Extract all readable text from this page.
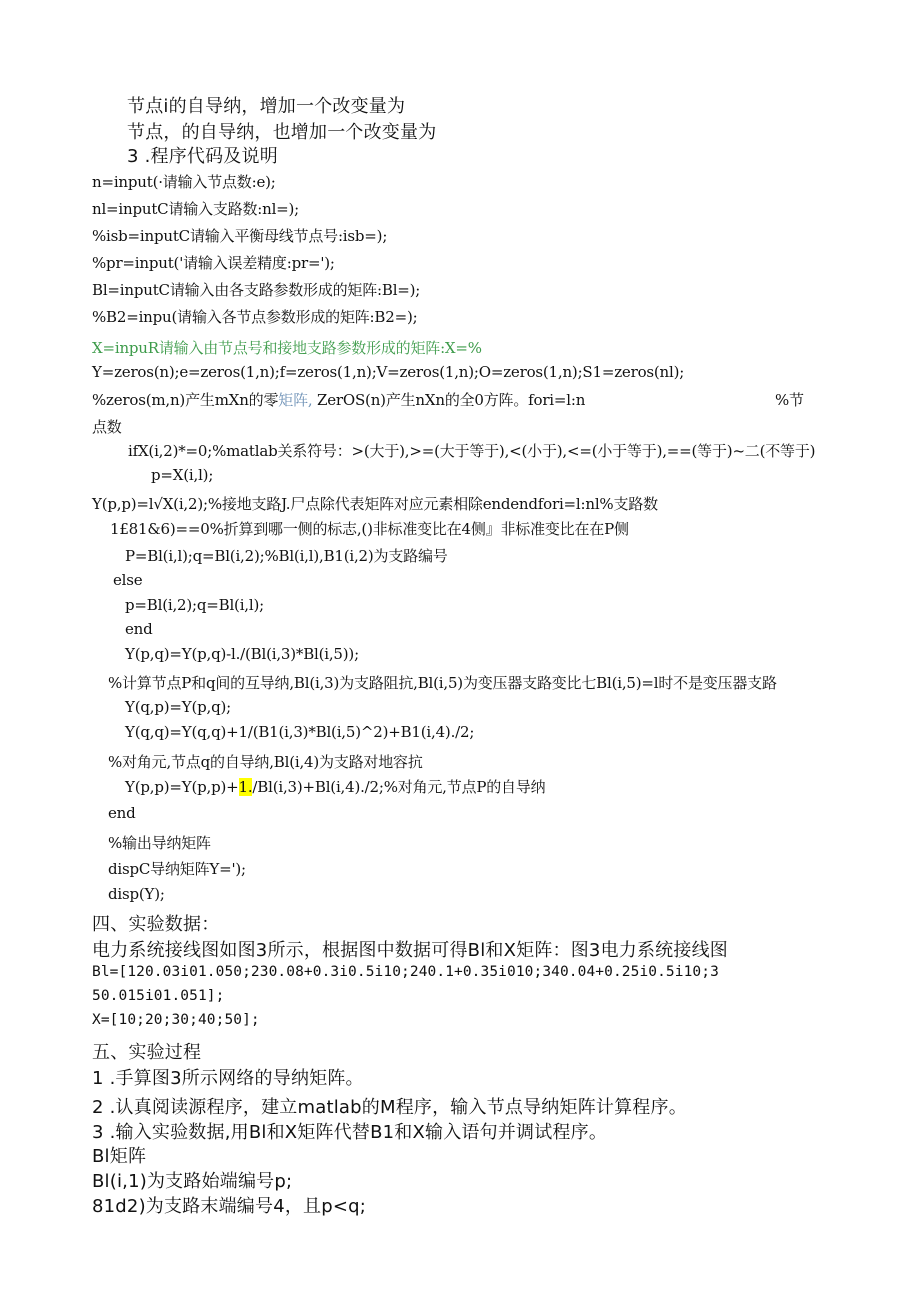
节点i的自导纳，增加一个改变量为

节点，的自导纳，也增加一个改变量为

3 .程序代码及说明

n=input(·请输入节点数:e);

nl=inputC请输入支路数:nl=);

%isb=inputC请输入平衡母线节点号:isb=);

%pr=input('请输入误差精度:pr=');

Bl=inputC请输入由各支路参数形成的矩阵:Bl=);

%B2=inpu(请输入各节点参数形成的矩阵:B2=);

X=inpuR请输入由节点号和接地支路参数形成的矩阵:X=%

Y=zeros(n);e=zeros(1,n);f=zeros(1,n);V=zeros(1,n);O=zeros(1,n);S1=zeros(nl);

%zeros(m,n)产生mXn的零矩阵, ZerOS(n)产生nXn的全0方阵。fori=l:n	%节

点数

ifX(i,2)*=0;%matlab关系符号：>(大于),>=(大于等于),<(小于),<=(小于等于),==(等于)~二(不等于)

p=X(i,l);

Y(p,p)=l√X(i,2);%接地支路J.尸点除代表矩阵对应元素相除endendfori=l:nl%支路数

1£81&6)==0%折算到哪一侧的标志,()非标准变比在4侧』非标准变比在在P侧

P=Bl(i,l);q=Bl(i,2);%Bl(i,l),B1(i,2)为支路编号

else

p=Bl(i,2);q=Bl(i,l);

end

Y(p,q)=Y(p,q)-l./(Bl(i,3)*Bl(i,5));

%计算节点P和q间的互导纳,Bl(i,3)为支路阻抗,Bl(i,5)为变压器支路变比七Bl(i,5)=l时不是变压器支路

Y(q,p)=Y(p,q);

Y(q,q)=Y(q,q)+1/(B1(i,3)*Bl(i,5)^2)+B1(i,4)./2;

%对角元,节点q的自导纳,Bl(i,4)为支路对地容抗

Y(p,p)=Y(p,p)+1./Bl(i,3)+Bl(i,4)./2;%对角元,节点P的自导纳

end

%输出导纳矩阵

dispC导纳矩阵Y=');

disp(Y);

四、实验数据：

电力系统接线图如图3所示，根据图中数据可得Bl和X矩阵：图3电力系统接线图

Bl=[120.03i01.050;230.08+0.3i0.5i10;240.1+0.35i010;340.04+0.25i0.5i10;3

50.015i01.051];

X=[10;20;30;40;50];

五、实验过程

1 .手算图3所示网络的导纳矩阵。

2 .认真阅读源程序，建立matlab的M程序，输入节点导纳矩阵计算程序。

3 .输入实验数据,用Bl和X矩阵代替B1和X输入语句并调试程序。

Bl矩阵

Bl(i,1)为支路始端编号p;

81d2)为支路末端编号4，且p<q;
